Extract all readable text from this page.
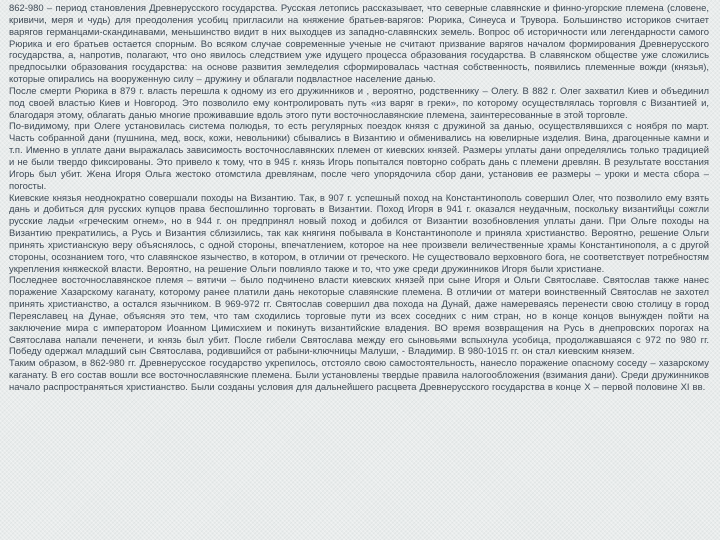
862-980 – период становления Древнерусского государства. Русская летопись рассказывает, что северные славянские и финно-угорские племена (словене, кривичи, меря и чудь) для преодоления усобиц пригласили на княжение братьев-варягов: Рюрика, Синеуса и Трувора. Большинство историков считает варягов германцами-скандинавами, меньшинство видит в них выходцев из западно-славянских земель. Вопрос об историчности или легендарности самого Рюрика и его братьев остается спорным. Во всяком случае современные ученые не считают призвание варягов началом формирования Древнерусского государства, а, напротив, полагают, что оно явилось следствием уже идущего процесса образования государства. В славянском обществе уже сложились предпосылки образования государства: на основе развития земледелия сформировалась частная собственность, появились племенные вожди (князья), которые опирались на вооруженную силу – дружину и облагали подвластное население данью.

После смерти Рюрика в 879 г. власть перешла к одному из его дружинников и , вероятно, родственнику – Олегу. В 882 г. Олег захватил Киев и объединил под своей властью Киев и Новгород. Это позволило ему контролировать путь «из варяг в греки», по которому осуществлялась торговля с Византией и, благодаря этому, облагать данью многие проживавшие вдоль этого пути восточнославянские племена, заинтересованные в этой торговле.

По-видимому, при Олеге установилась система полюдья, то есть регулярных поездок князя с дружиной за данью, осуществлявшихся с ноября по март. Часть собранной дани (пушнина, мед, воск, кожи, невольники) сбывались в Византию и обменивались на ювелирные изделия. Вина, драгоценные камни и т.п. Именно в уплате дани выражалась зависимость восточнославянских племен от киевских князей. Размеры уплаты дани определялись только традицией и не были твердо фиксированы. Это привело к тому, что в 945 г. князь Игорь попытался повторно собрать дань с племени древлян. В результате восстания Игорь был убит. Жена Игоря Ольга жестоко отомстила древлянам, после чего упорядочила сбор дани, установив ее размеры – уроки и места сбора – погосты.

Киевские князья неоднократно совершали походы на Византию. Так, в 907 г. успешный поход на Константинополь совершил Олег, что позволило ему взять дань и добиться для русских купцов права беспошлинно торговать в Византии. Поход Игоря в 941 г. оказался неудачным, поскольку византийцы сожгли русские ладьи «греческим огнем», но в 944 г. он предпринял новый поход и добился от Византии возобновления уплаты дани. При Ольге походы на Византию прекратились, а Русь и Византия сблизились, так как княгиня побывала в Константинополе и приняла христианство. Вероятно, решение Ольги принять христианскую веру объяснялось, с одной стороны, впечатлением, которое на нее произвели величественные храмы Константинополя, а с другой стороны, осознанием того, что славянское язычество, в котором, в отличии от греческого. Не существовало верховного бога, не соответствует потребностям укрепления княжеской власти. Вероятно, на решение Ольги повлияло также и то, что уже среди дружинников Игоря были христиане.

Последнее восточнославянское племя – вятичи – было подчинено власти киевских князей при сыне Игоря и Ольги Святославе. Святослав также нанес поражение Хазарскому каганату, которому ранее платили дань некоторые славянские племена. В отличии от матери воинственный Святослав не захотел принять христианство, а остался язычником. В 969-972 гг. Святослав совершил два похода на Дунай, даже намереваясь перенести свою столицу в город Переяславец на Дунае, объясняя это тем, что там сходились торговые пути из всех соседних с ним стран, но в конце концов вынужден пойти на заключение мира с императором Иоанном Цимисхием и покинуть византийские владения. ВО время возвращения на Русь в днепровских порогах на Святослава напали печенеги, и князь был убит. После гибели Святослава между его сыновьями вспыхнула усобица, продолжавшаяся с 972 по 980 гг. Победу одержал младший сын Святослава, родившийся от рабыни-ключницы Малуши, - Владимир. В 980-1015 гг. он стал киевским князем.

Таким образом, в 862-980 гг. Древнерусское государство укрепилось, отстояло свою самостоятельность, нанесло поражение опасному соседу – хазарскому каганату. В его состав вошли все восточнославянские племена. Были установлены твердые правила налогообложения (взимания дани). Среди дружинников начало распространяться христианство. Были созданы условия для дальнейшего расцвета Древнерусского государства в конце X – первой половине XI вв.
